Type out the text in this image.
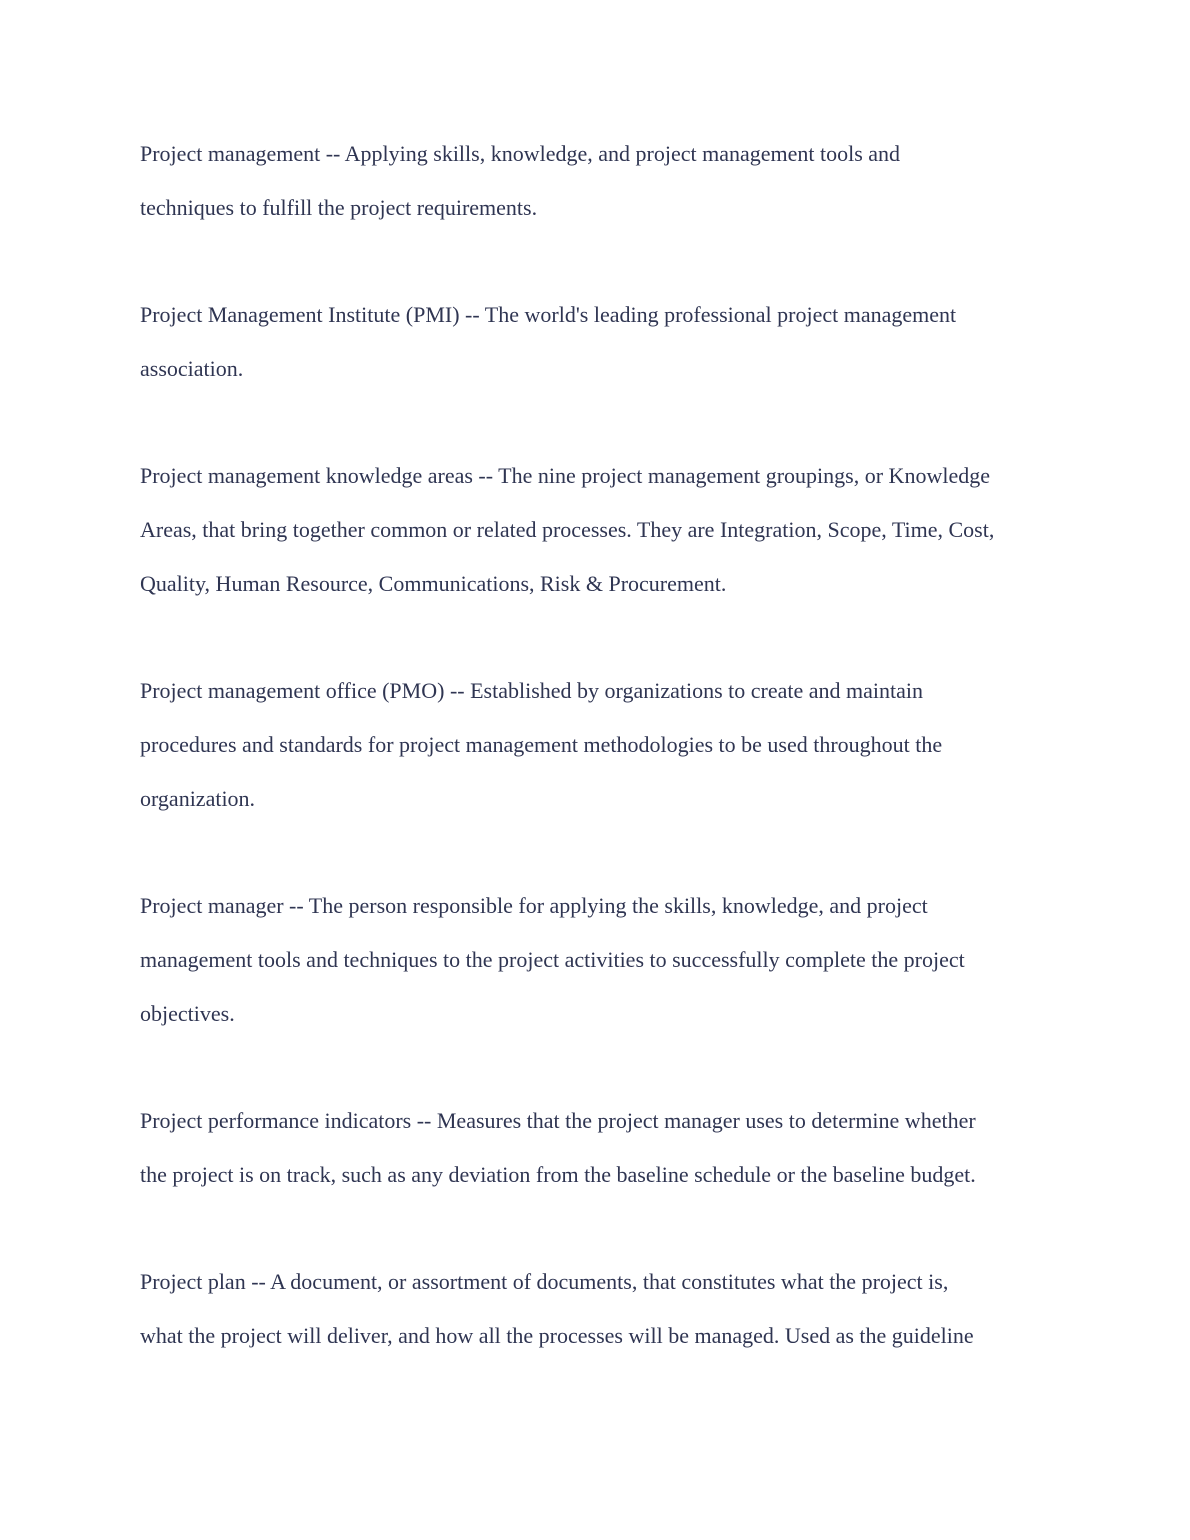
Project management -- Applying skills, knowledge, and project management tools and
techniques to fulfill the project requirements.

Project Management Institute (PMI) -- The world's leading professional project management
association.

Project management knowledge areas -- The nine project management groupings, or Knowledge
Areas, that bring together common or related processes. They are Integration, Scope, Time, Cost,
Quality, Human Resource, Communications, Risk & Procurement.

Project management office (PMO) -- Established by organizations to create and maintain
procedures and standards for project management methodologies to be used throughout the
organization.

Project manager -- The person responsible for applying the skills, knowledge, and project
management tools and techniques to the project activities to successfully complete the project
objectives.

Project performance indicators -- Measures that the project manager uses to determine whether
the project is on track, such as any deviation from the baseline schedule or the baseline budget.

Project plan -- A document, or assortment of documents, that constitutes what the project is,
what the project will deliver, and how all the processes will be managed. Used as the guideline
